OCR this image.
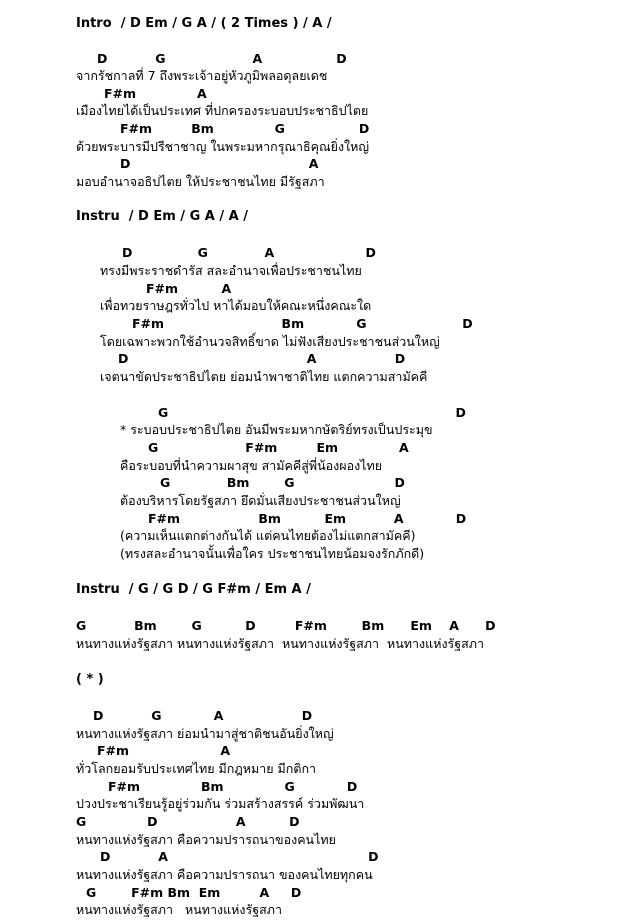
Intro  / D Em / G A / ( 2 Times ) / A /
D           G                    A                 D
จากรัชกาลที่ 7 ถึงพระเจ้าอยู่หัวภูมิพลอดุลยเดช
F#m              A
เมืองไทยได้เป็นประเทศ ที่ปกครองระบอบประชาธิปไตย
F#m         Bm              G                 D
ด้วยพระบารมีปรีชาชาญ ในพระมหากรุณาธิคุณยิ่งใหญ่
D                                         A
มอบอำนาจอธิปไตย ให้ประชาชนไทย มีรัฐสภา
Instru  / D Em / G A / A /
D               G             A                     D
ทรงมีพระราชดำรัส สละอำนาจเพื่อประชาชนไทย
F#m          A
เพื่อทวยราษฎรทั่วไป หาได้มอบให้คณะหนึ่งคณะใด
F#m                           Bm            G                      D
โดยเฉพาะพวกใช้อำนวจสิทธิ์ขาด ไม่ฟังเสียงประชาชนส่วนใหญ่
D                                         A                  D
เจตนาขัดประชาธิปไตย ย่อมนำพาชาติไทย แตกความสามัคคี
G                                                                  D
* ระบอบประชาธิปไตย อันมีพระมหากษัตริย์ทรงเป็นประมุข
G                    F#m         Em              A
คือระบอบที่นำความผาสุข สามัคคีสู่พี่น้องผองไทย
G             Bm        G                       D
ต้องบริหารโดยรัฐสภา ยึดมั่นเสียงประชาชนส่วนใหญ่
F#m                  Bm          Em           A            D
(ความเห็นแตกต่างกันได้ แต่คนไทยต้องไม่แตกสามัคคี)
(ทรงสละอำนาจนั้นเพื่อใคร ประชาชนไทยน้อมจงรักภักดี)
Instru  / G / G D / G F#m / Em A /
G           Bm        G          D         F#m        Bm      Em    A      D
หนทางแห่งรัฐสภา หนทางแห่งรัฐสภา  หนทางแห่งรัฐสภา  หนทางแห่งรัฐสภา
( * )
D           G            A                  D
หนทางแห่งรัฐสภา ย่อมนำมาสู่ชาติชนอันยิ่งใหญ่
F#m                     A
ทั่วโลกยอมรับประเทศไทย มีกฎหมาย มีกติกา
F#m              Bm              G            D
ปวงประชาเรียนรู้อยู่ร่วมกัน ร่วมสร้างสรรค์ ร่วมพัฒนา
G              D                  A          D
หนทางแห่งรัฐสภา คือความปรารถนาของคนไทย
D           A                                              D
หนทางแห่งรัฐสภา คือความปรารถนา ของคนไทยทุกคน
G        F#m Bm  Em         A     D
หนทางแห่งรัฐสภา   หนทางแห่งรัฐสภา
